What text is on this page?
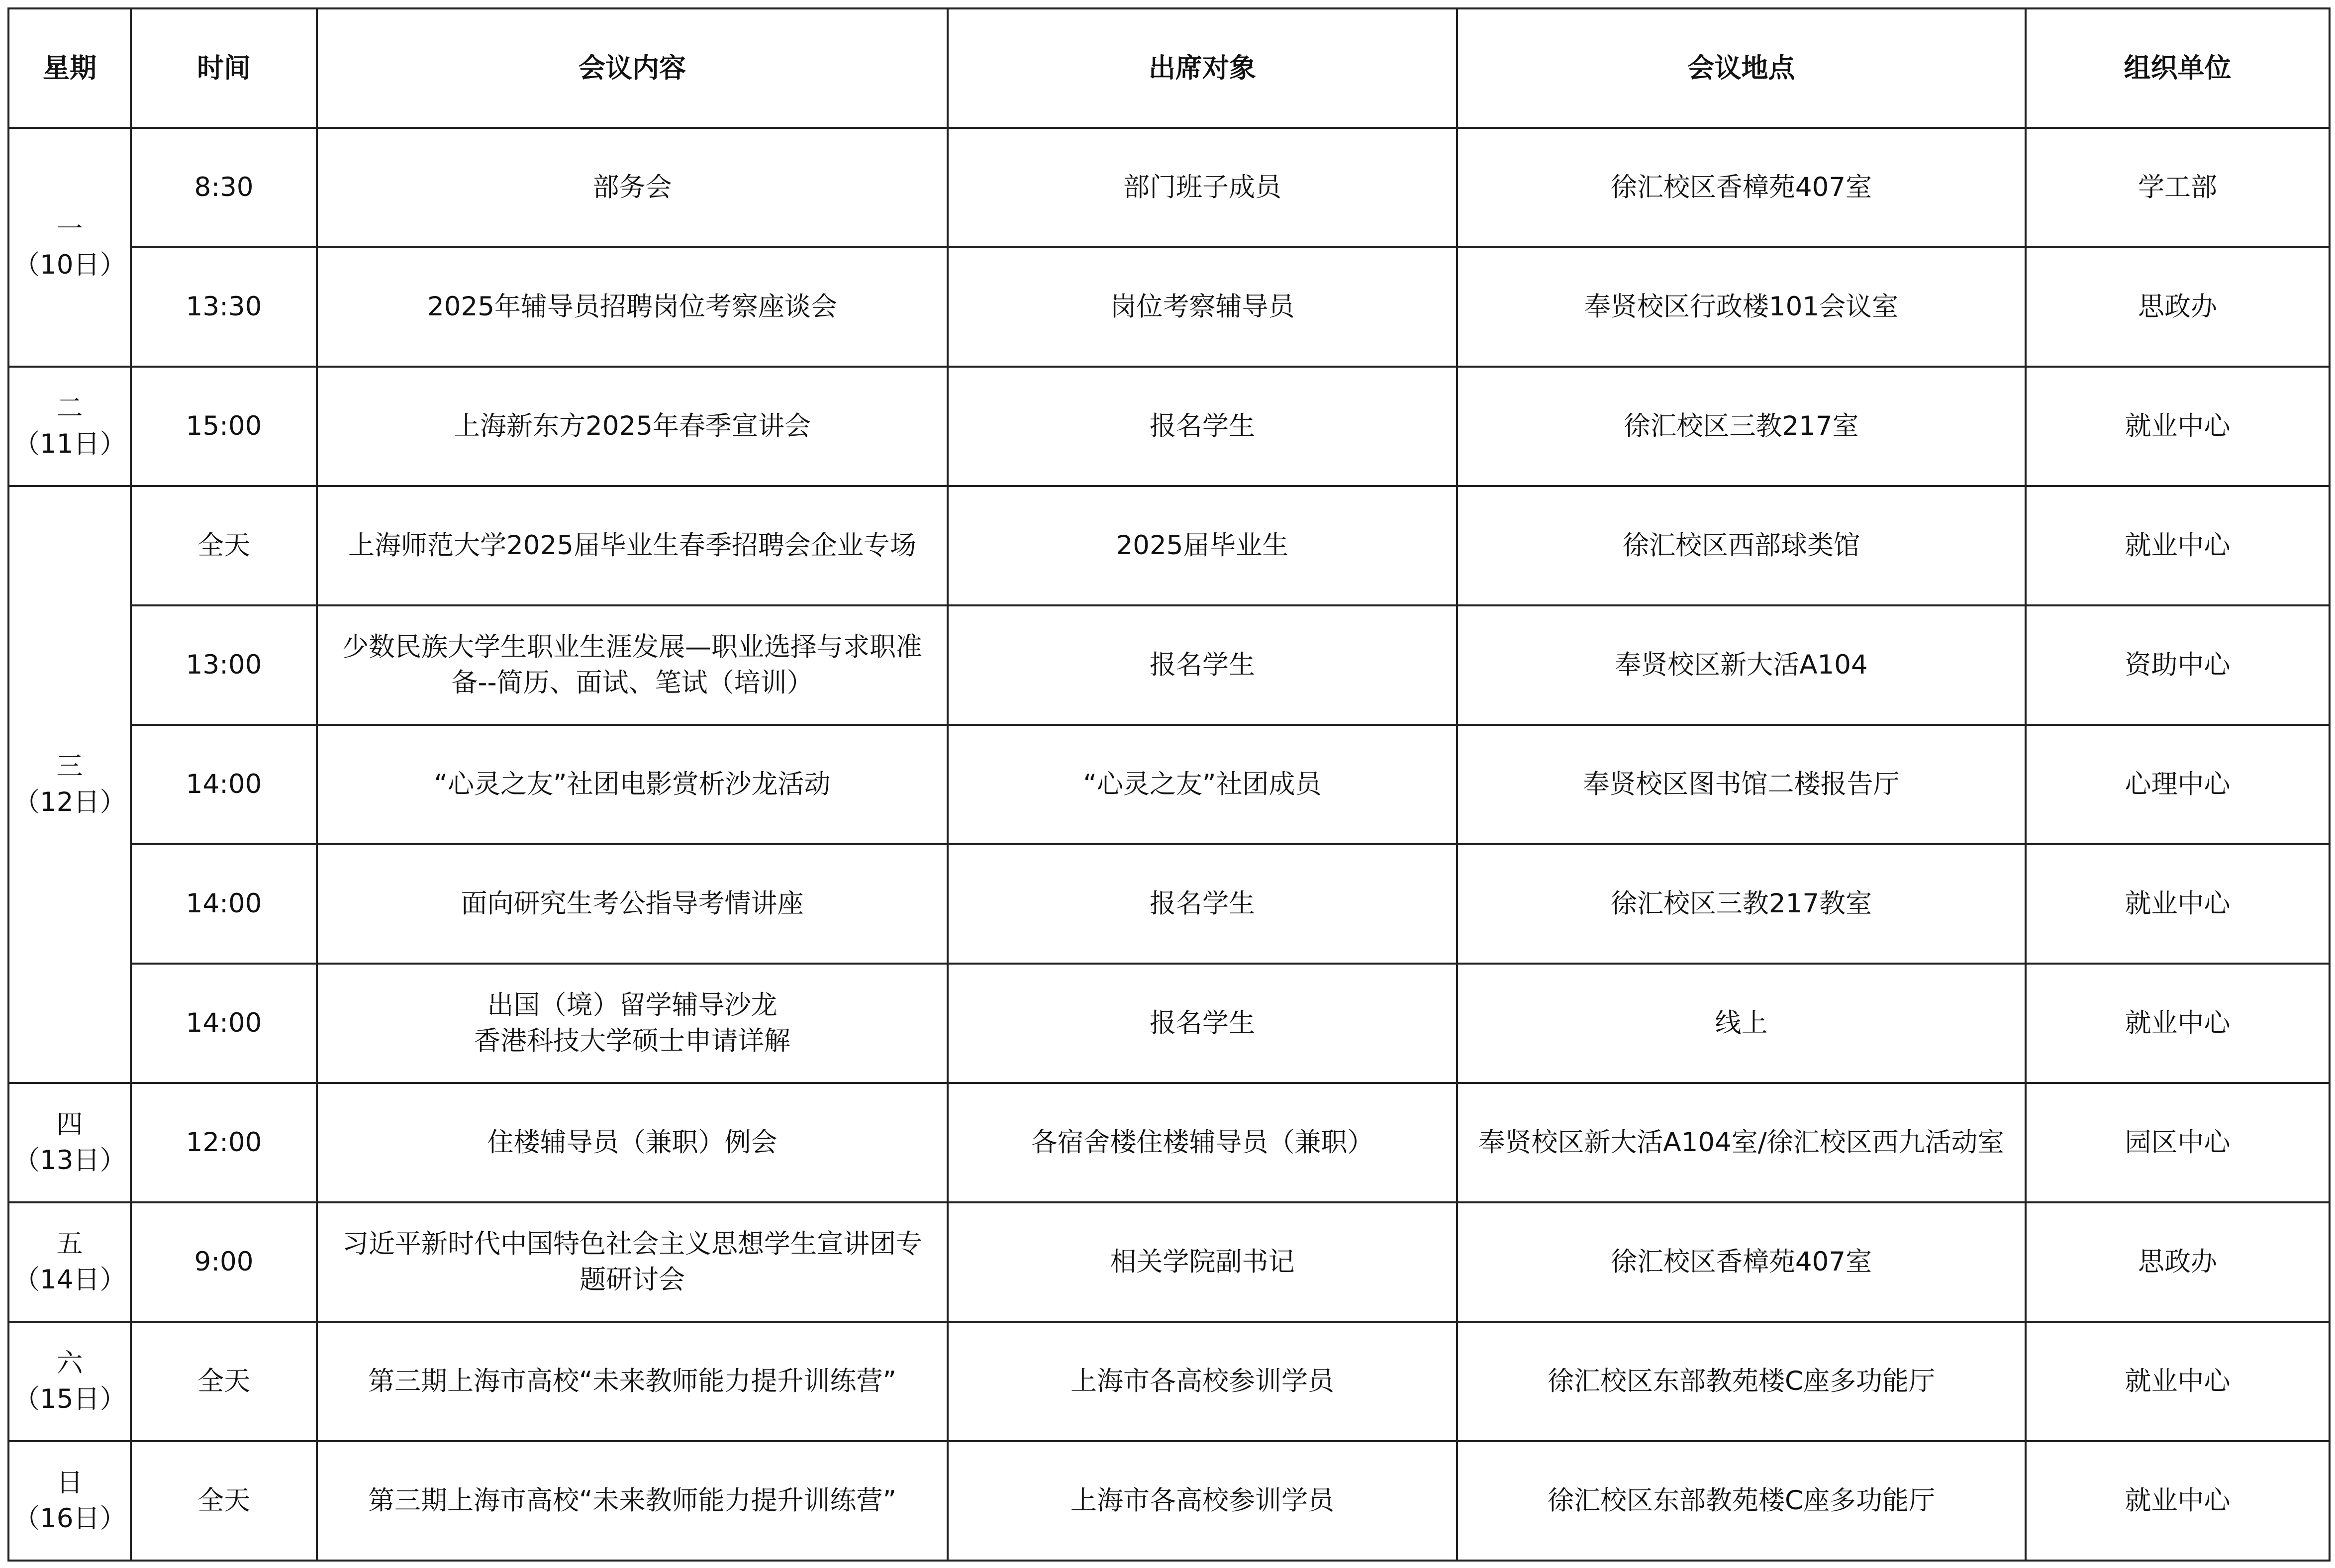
星期	时间	会议内容	出席对象	会议地点	组织单位
一
（10日）	8:30	部务会	部门班子成员	徐汇校区香樟苑407室	学工部
	13:30	2025年辅导员招聘岗位考察座谈会	岗位考察辅导员	奉贤校区行政楼101会议室	思政办
二
（11日）	15:00	上海新东方2025年春季宣讲会	报名学生	徐汇校区三教217室	就业中心
三
（12日）	全天	上海师范大学2025届毕业生春季招聘会企业专场	2025届毕业生	徐汇校区西部球类馆	就业中心
	13:00	少数民族大学生职业生涯发展—职业选择与求职准备--简历、面试、笔试（培训）	报名学生	奉贤校区新大活A104	资助中心
	14:00	“心灵之友”社团电影赏析沙龙活动	“心灵之友”社团成员	奉贤校区图书馆二楼报告厅	心理中心
	14:00	面向研究生考公指导考情讲座	报名学生	徐汇校区三教217教室	就业中心
	14:00	出国（境）留学辅导沙龙
香港科技大学硕士申请详解	报名学生	线上	就业中心
四
（13日）	12:00	住楼辅导员（兼职）例会	各宿舍楼住楼辅导员（兼职）	奉贤校区新大活A104室/徐汇校区西九活动室	园区中心
五
（14日）	9:00	习近平新时代中国特色社会主义思想学生宣讲团专题研讨会	相关学院副书记	徐汇校区香樟苑407室	思政办
六
（15日）	全天	第三期上海市高校“未来教师能力提升训练营”	上海市各高校参训学员	徐汇校区东部教苑楼C座多功能厅	就业中心
日
（16日）	全天	第三期上海市高校“未来教师能力提升训练营”	上海市各高校参训学员	徐汇校区东部教苑楼C座多功能厅	就业中心
